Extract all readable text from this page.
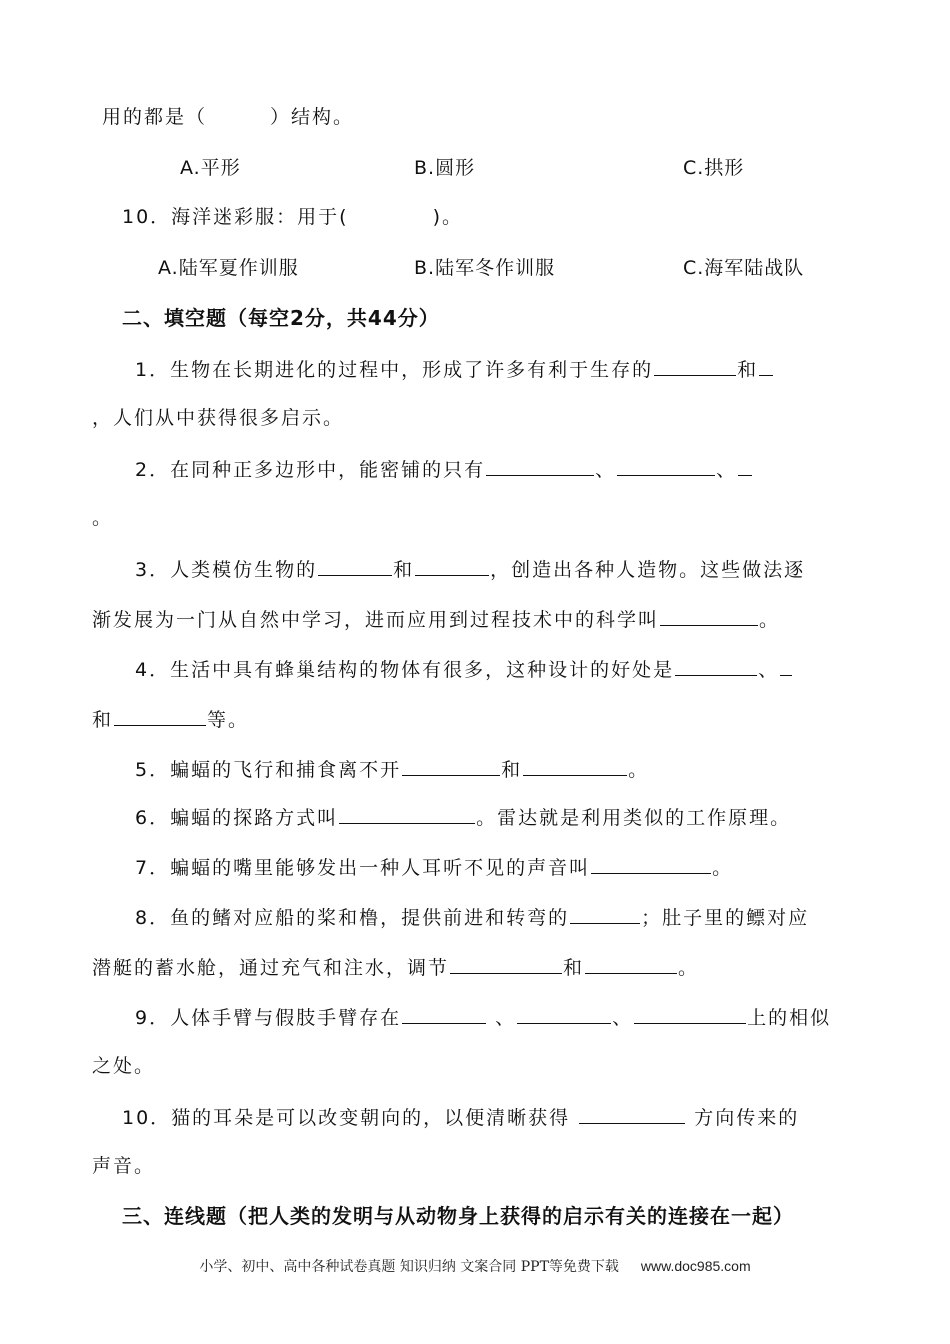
用的都是（　　　）结构。
A.平形	B.圆形	C.拱形
10．海洋迷彩服：用于(　　　　)。
A.陆军夏作训服	B.陆军冬作训服	C.海军陆战队
二、填空题（每空2分，共44分）
1．生物在长期进化的过程中，形成了许多有利于生存的	和
，人们从中获得很多启示。
2．在同种正多边形中，能密铺的只有	、	、
。
3．人类模仿生物的	和	，创造出各种人造物。这些做法逐
渐发展为一门从自然中学习，进而应用到过程技术中的科学叫	。
4．生活中具有蜂巢结构的物体有很多，这种设计的好处是	、
和	等。
5．蝙蝠的飞行和捕食离不开	和	。
6．蝙蝠的探路方式叫	。雷达就是利用类似的工作原理。
7．蝙蝠的嘴里能够发出一种人耳听不见的声音叫	。
8．鱼的鳍对应船的桨和橹，提供前进和转弯的	；肚子里的鳔对应
潜艇的蓄水舱，通过充气和注水，调节	和	。
9．人体手臂与假肢手臂存在	、	、	上的相似
之处。
10．猫的耳朵是可以改变朝向的，以便清晰获得	方向传来的
声音。
三、连线题（把人类的发明与从动物身上获得的启示有关的连接在一起）
小学、初中、高中各种试卷真题 知识归纳 文案合同 PPT等免费下载 www.doc985.com
